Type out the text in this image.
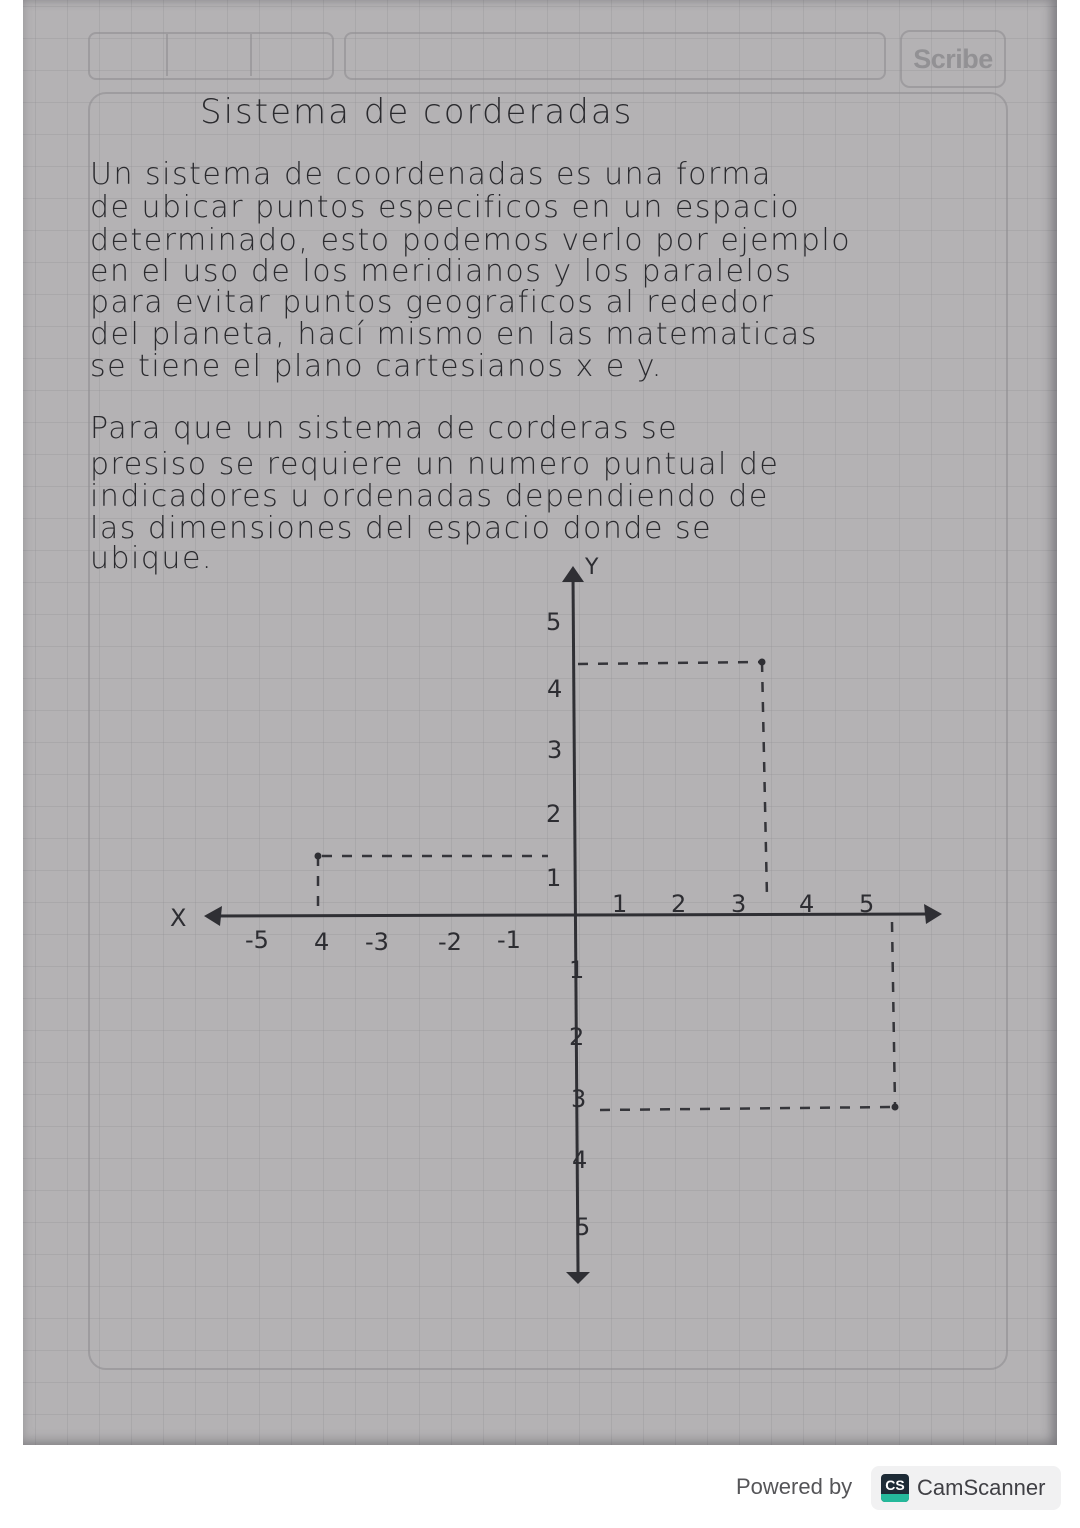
Scribe
Sistema de corderadas
Un sistema de coordenadas es una forma
de ubicar puntos especificos en un espacio
determinado, esto podemos verlo por ejemplo
en el uso de los meridianos y los paralelos
para evitar puntos geograficos al rededor
del planeta, hací mismo en las matematicas
se tiene el plano cartesianos x e y.
Para que un sistema de corderas se
presiso se requiere un numero puntual de
indicadores u ordenadas dependiendo de
las dimensiones del espacio donde se
ubique.
X
Y
1 2 3 4 5
-5 4 -3 -2 -1
1
2
3
4
5
1
2
3
4
5
Powered by CS CamScanner
